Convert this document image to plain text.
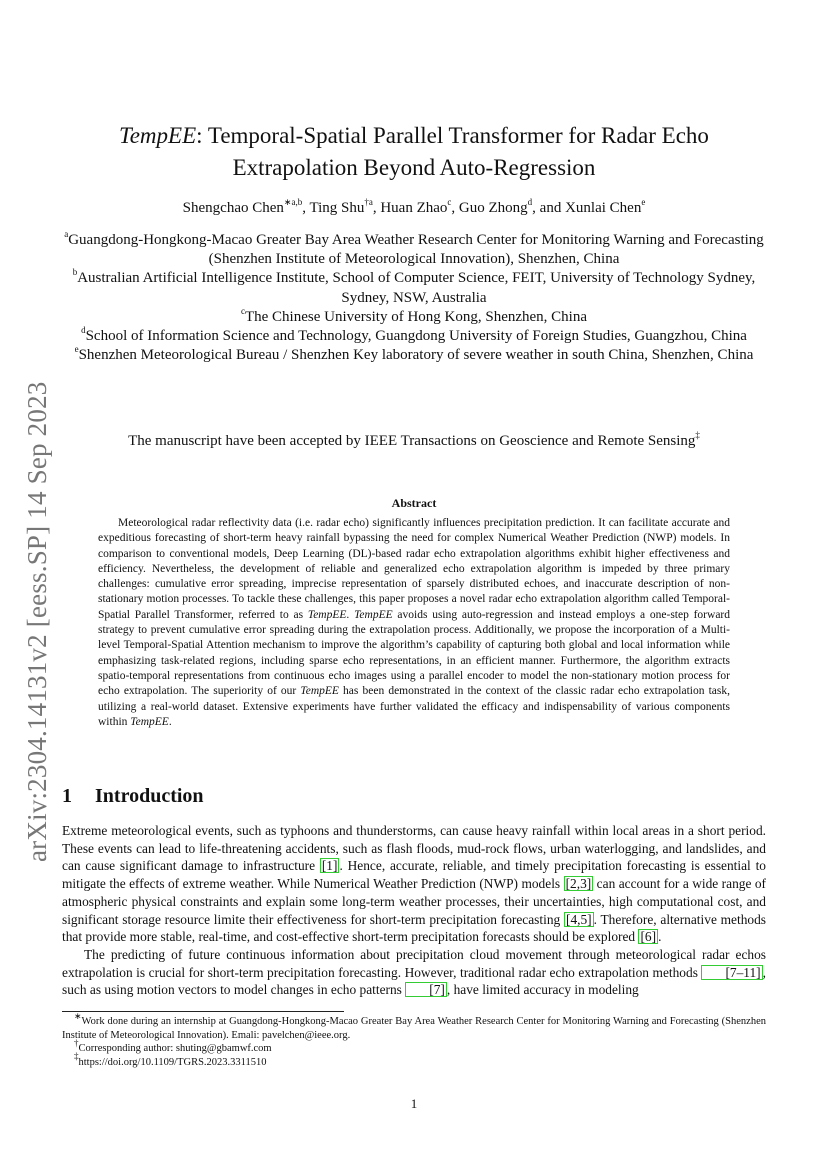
arXiv:2304.14131v2 [eess.SP] 14 Sep 2023
TempEE: Temporal-Spatial Parallel Transformer for Radar Echo
Extrapolation Beyond Auto-Regression
Shengchao Chen$^{∗a,b}$, Ting Shu$^{\dagger a}$, Huan Zhao$^c$, Guo Zhong$^d$, and Xunlai Chen$^e$

$^a$Guangdong-Hongkong-Macao Greater Bay Area Weather Research Center for Monitoring Warning and Forecasting (Shenzhen Institute of Meteorological Innovation), Shenzhen, China

$^b$Australian Artificial Intelligence Institute, School of Computer Science, FEIT, University of Technology Sydney, Sydney, NSW, Australia

$^c$The Chinese University of Hong Kong, Shenzhen, China

$^d$School of Information Science and Technology, Guangdong University of Foreign Studies, Guangzhou, China

$^e$Shenzhen Meteorological Bureau / Shenzhen Key laboratory of severe weather in south China, Shenzhen, China

The manuscript have been accepted by IEEE Transactions on Geoscience and Remote Sensing‡
Abstract
Meteorological radar reflectivity data (i.e. radar echo) significantly influences precipitation prediction. It can facilitate accurate and expeditious forecasting of short-term heavy rainfall bypassing the need for complex Numerical Weather Prediction (NWP) models. In comparison to conventional models, Deep Learning (DL)-based radar echo extrapolation algorithms exhibit higher effectiveness and efficiency. Nevertheless, the development of reliable and generalized echo extrapolation algorithm is impeded by three primary challenges: cumulative error spreading, imprecise representation of sparsely distributed echoes, and inaccurate description of non-stationary motion processes. To tackle these challenges, this paper proposes a novel radar echo extrapolation algorithm called Temporal-Spatial Parallel Transformer, referred to as TempEE. TempEE avoids using auto-regression and instead employs a one-step forward strategy to prevent cumulative error spreading during the extrapolation process. Additionally, we propose the incorporation of a Multi-level Temporal-Spatial Attention mechanism to improve the algorithm’s capability of capturing both global and local information while emphasizing task-related regions, including sparse echo representations, in an efficient manner. Furthermore, the algorithm extracts spatio-temporal representations from continuous echo images using a parallel encoder to model the non-stationary motion process for echo extrapolation. The superiority of our TempEE has been demonstrated in the context of the classic radar echo extrapolation task, utilizing a real-world dataset. Extensive experiments have further validated the efficacy and indispensability of various components within TempEE.
1 Introduction

Extreme meteorological events, such as typhoons and thunderstorms, can cause heavy rainfall within local areas in a short period. These events can lead to life-threatening accidents, such as flash floods, mud-rock flows, urban waterlogging, and landslides, and can cause significant damage to infrastructure [1] . Hence, accurate, reliable, and timely precipitation forecasting is essential to mitigate the effects of extreme weather. While Numerical Weather Prediction (NWP) models [2,3] can account for a wide range of atmospheric physical constraints and explain some long-term weather processes, their uncertainties, high computational cost, and significant storage resource limite their effectiveness for short-term precipitation forecasting [4,5] . Therefore, alternative methods that provide more stable, real-time, and cost-effective short-term precipitation forecasts should be explored [6] .

The predicting of future continuous information about precipitation cloud movement through meteorological radar echos extrapolation is crucial for short-term precipitation forecasting. However, traditional radar echo extrapolation methods [7–11] , such as using motion vectors to model changes in echo patterns [7] , have limited accuracy in modeling

∗Work done during an internship at Guangdong-Hongkong-Macao Greater Bay Area Weather Research Center for Monitoring Warning and Forecasting (Shenzhen Institute of Meteorological Innovation). Emali: pavelchen@ieee.org.

†Corresponding author: shuting@gbamwf.com

‡https://doi.org/10.1109/TGRS.2023.3311510

1
